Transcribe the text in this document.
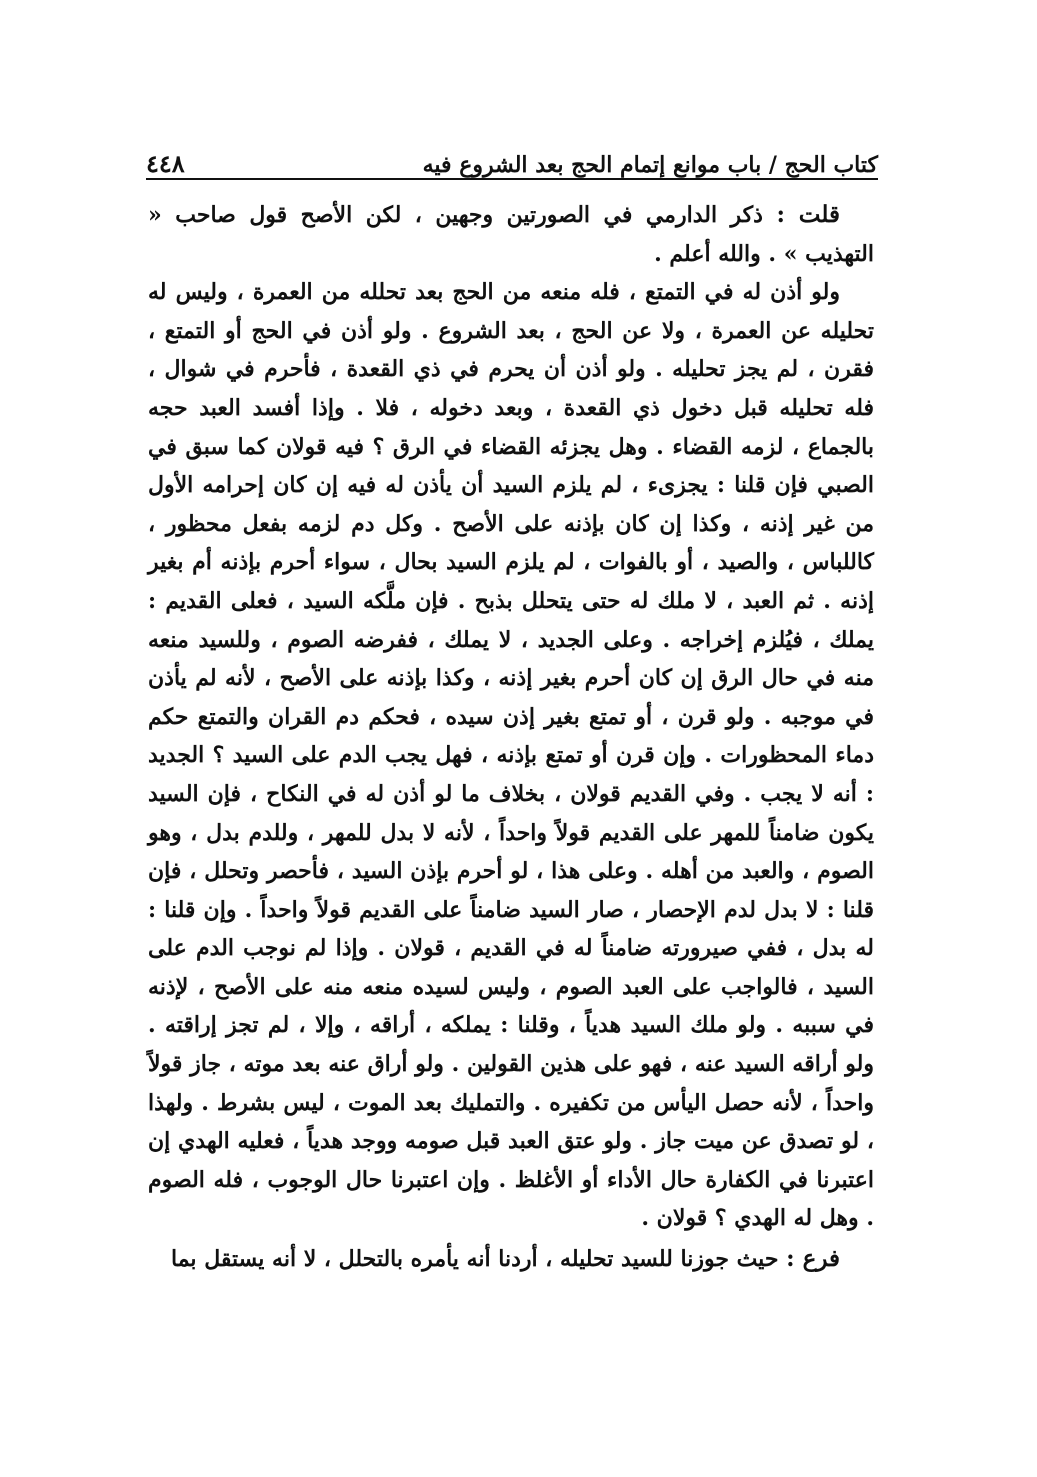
كتاب الحج / باب موانع إتمام الحج بعد الشروع فيه
٤٤٨

قلت : ذكر الدارمي في الصورتين وجهين ، لكن الأصح قول صاحب « التهذيب » . والله أعلم .

ولو أذن له في التمتع ، فله منعه من الحج بعد تحلله من العمرة ، وليس له تحليله عن العمرة ، ولا عن الحج ، بعد الشروع . ولو أذن في الحج أو التمتع ، فقرن ، لم يجز تحليله . ولو أذن أن يحرم في ذي القعدة ، فأحرم في شوال ، فله تحليله قبل دخول ذي القعدة ، وبعد دخوله ، فلا . وإذا أفسد العبد حجه بالجماع ، لزمه القضاء . وهل يجزئه القضاء في الرق ؟ فيه قولان كما سبق في الصبي فإن قلنا : يجزىء ، لم يلزم السيد أن يأذن له فيه إن كان إحرامه الأول من غير إذنه ، وكذا إن كان بإذنه على الأصح . وكل دم لزمه بفعل محظور ، كاللباس ، والصيد ، أو بالفوات ، لم يلزم السيد بحال ، سواء أحرم بإذنه أم بغير إذنه . ثم العبد ، لا ملك له حتى يتحلل بذبح . فإن ملَّكه السيد ، فعلى القديم : يملك ، فيُلزم إخراجه . وعلى الجديد ، لا يملك ، ففرضه الصوم ، وللسيد منعه منه في حال الرق إن كان أحرم بغير إذنه ، وكذا بإذنه على الأصح ، لأنه لم يأذن في موجبه . ولو قرن ، أو تمتع بغير إذن سيده ، فحكم دم القران والتمتع حكم دماء المحظورات . وإن قرن أو تمتع بإذنه ، فهل يجب الدم على السيد ؟ الجديد : أنه لا يجب . وفي القديم قولان ، بخلاف ما لو أذن له في النكاح ، فإن السيد يكون ضامناً للمهر على القديم قولاً واحداً ، لأنه لا بدل للمهر ، وللدم بدل ، وهو الصوم ، والعبد من أهله . وعلى هذا ، لو أحرم بإذن السيد ، فأحصر وتحلل ، فإن قلنا : لا بدل لدم الإحصار ، صار السيد ضامناً على القديم قولاً واحداً . وإن قلنا : له بدل ، ففي صيرورته ضامناً له في القديم ، قولان . وإذا لم نوجب الدم على السيد ، فالواجب على العبد الصوم ، وليس لسيده منعه منه على الأصح ، لإذنه في سببه . ولو ملك السيد هدياً ، وقلنا : يملكه ، أراقه ، وإلا ، لم تجز إراقته . ولو أراقه السيد عنه ، فهو على هذين القولين . ولو أراق عنه بعد موته ، جاز قولاً واحداً ، لأنه حصل اليأس من تكفيره . والتمليك بعد الموت ، ليس بشرط . ولهذا ، لو تصدق عن ميت جاز . ولو عتق العبد قبل صومه ووجد هدياً ، فعليه الهدي إن اعتبرنا في الكفارة حال الأداء أو الأغلظ . وإن اعتبرنا حال الوجوب ، فله الصوم . وهل له الهدي ؟ قولان .

فرع : حيث جوزنا للسيد تحليله ، أردنا أنه يأمره بالتحلل ، لا أنه يستقل بما
